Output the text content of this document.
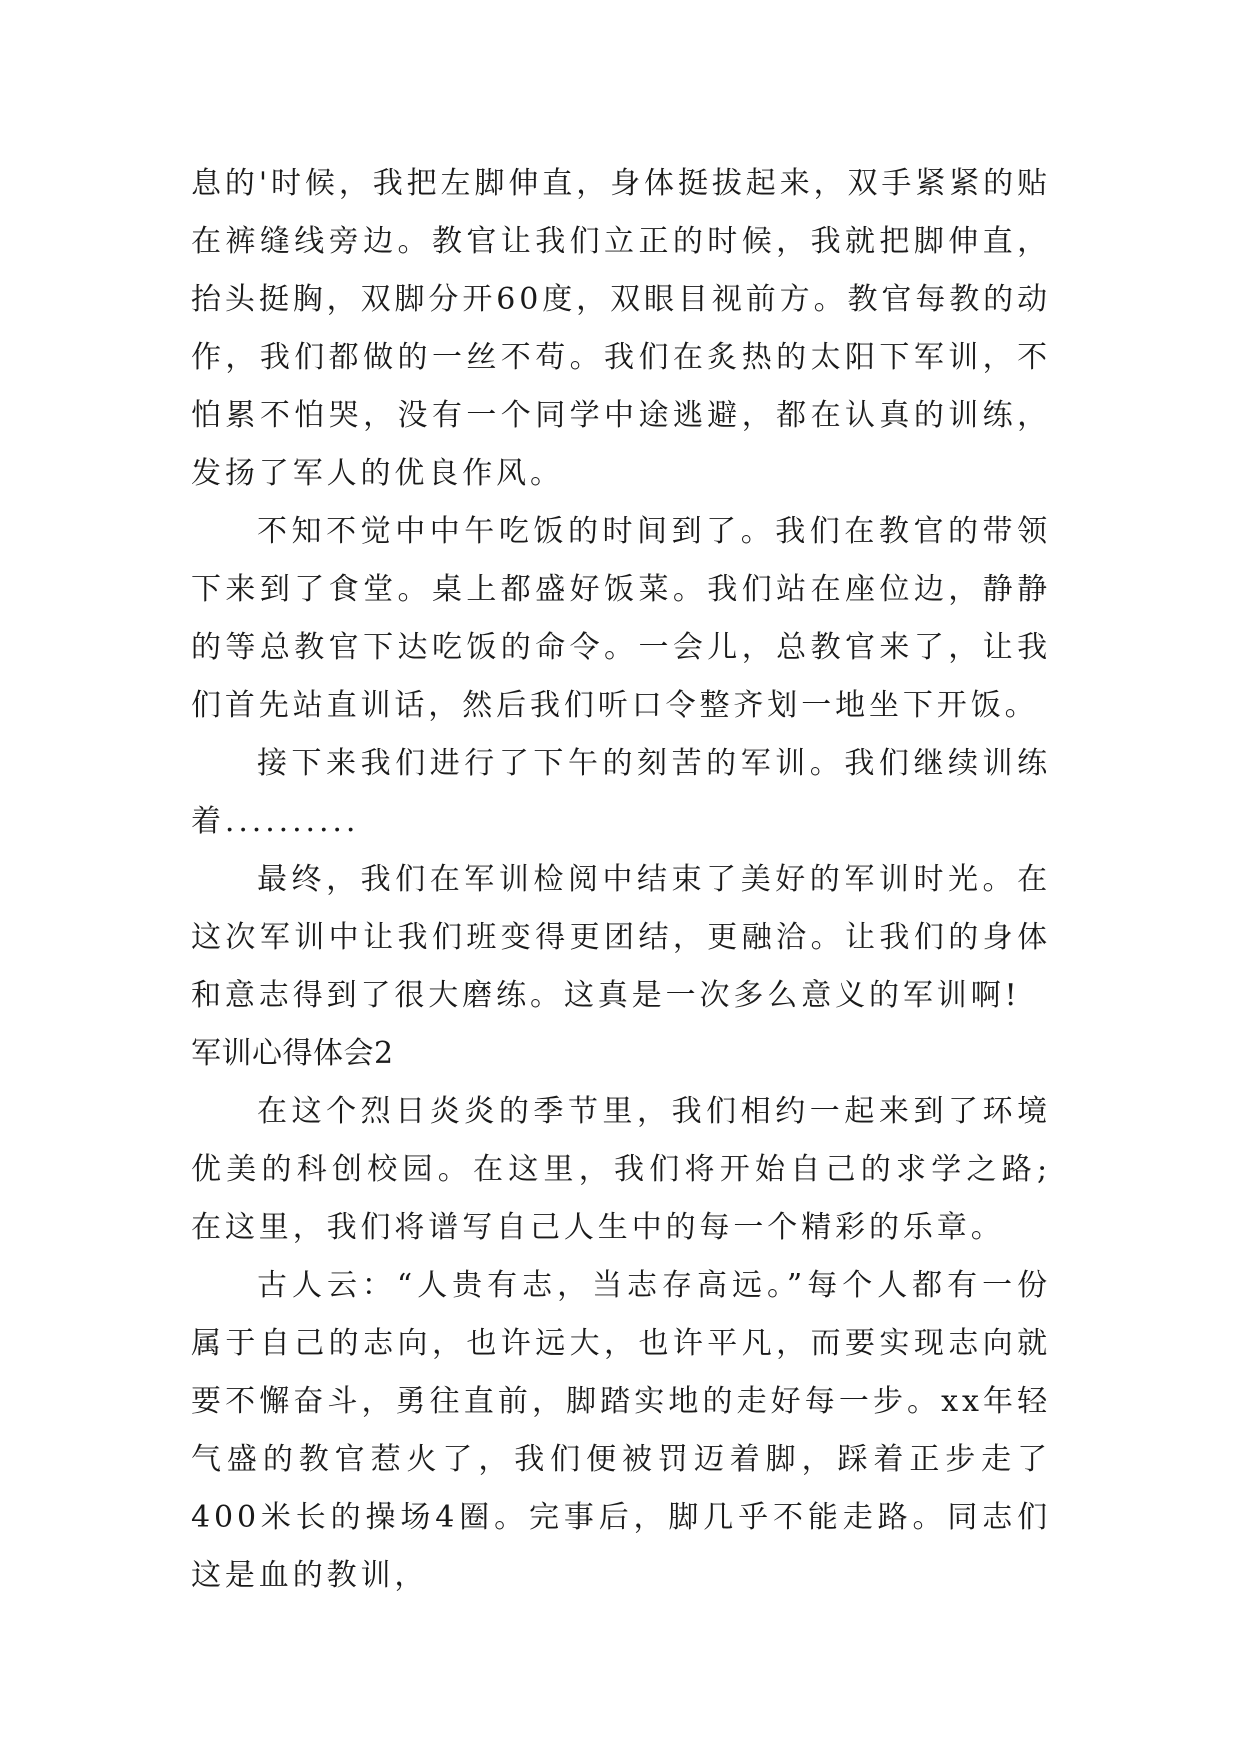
息的'时候，我把左脚伸直，身体挺拔起来，双手紧紧的贴在裤缝线旁边。教官让我们立正的时候，我就把脚伸直，抬头挺胸，双脚分开60度，双眼目视前方。教官每教的动作，我们都做的一丝不苟。我们在炙热的太阳下军训，不怕累不怕哭，没有一个同学中途逃避，都在认真的训练，发扬了军人的优良作风。

不知不觉中中午吃饭的时间到了。我们在教官的带领下来到了食堂。桌上都盛好饭菜。我们站在座位边，静静的等总教官下达吃饭的命令。一会儿，总教官来了，让我们首先站直训话，然后我们听口令整齐划一地坐下开饭。

接下来我们进行了下午的刻苦的军训。我们继续训练着..........

最终，我们在军训检阅中结束了美好的军训时光。在这次军训中让我们班变得更团结，更融洽。让我们的身体和意志得到了很大磨练。这真是一次多么意义的军训啊!

军训心得体会2

在这个烈日炎炎的季节里，我们相约一起来到了环境优美的科创校园。在这里，我们将开始自己的求学之路;在这里，我们将谱写自己人生中的每一个精彩的乐章。

古人云：“人贵有志，当志存高远。”每个人都有一份属于自己的志向，也许远大，也许平凡，而要实现志向就要不懈奋斗，勇往直前，脚踏实地的走好每一步。xx年轻气盛的教官惹火了，我们便被罚迈着脚，踩着正步走了400米长的操场4圈。完事后，脚几乎不能走路。同志们这是血的教训，
